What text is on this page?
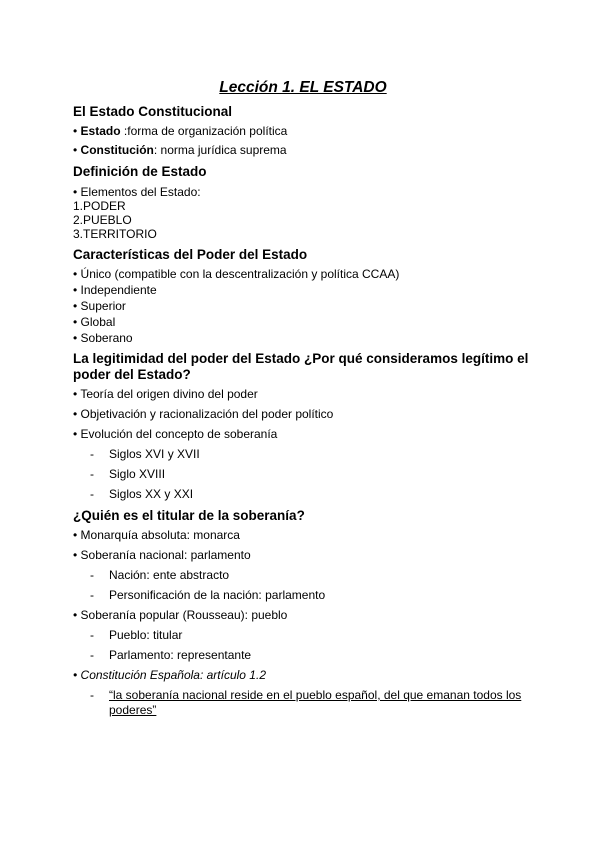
Lección 1. EL ESTADO

El Estado Constitucional

• Estado :forma de organización política

• Constitución: norma jurídica suprema

Definición de Estado

• Elementos del Estado:

1.PODER

2.PUEBLO

3.TERRITORIO

Características del Poder del Estado

• Único (compatible con la descentralización y política CCAA)

• Independiente

• Superior

• Global

• Soberano

La legitimidad del poder del Estado ¿Por qué consideramos legítimo el

poder del Estado?

• Teoría del origen divino del poder

• Objetivación y racionalización del poder político

• Evolución del concepto de soberanía

- Siglos XVI y XVII

- Siglo XVIII

- Siglos XX y XXI

¿Quién es el titular de la soberanía?

• Monarquía absoluta: monarca

• Soberanía nacional: parlamento

- Nación: ente abstracto

- Personificación de la nación: parlamento

• Soberanía popular (Rousseau): pueblo

- Pueblo: titular

- Parlamento: representante

• Constitución Española: artículo 1.2

- “la soberanía nacional reside en el pueblo español, del que emanan todos los
poderes”
